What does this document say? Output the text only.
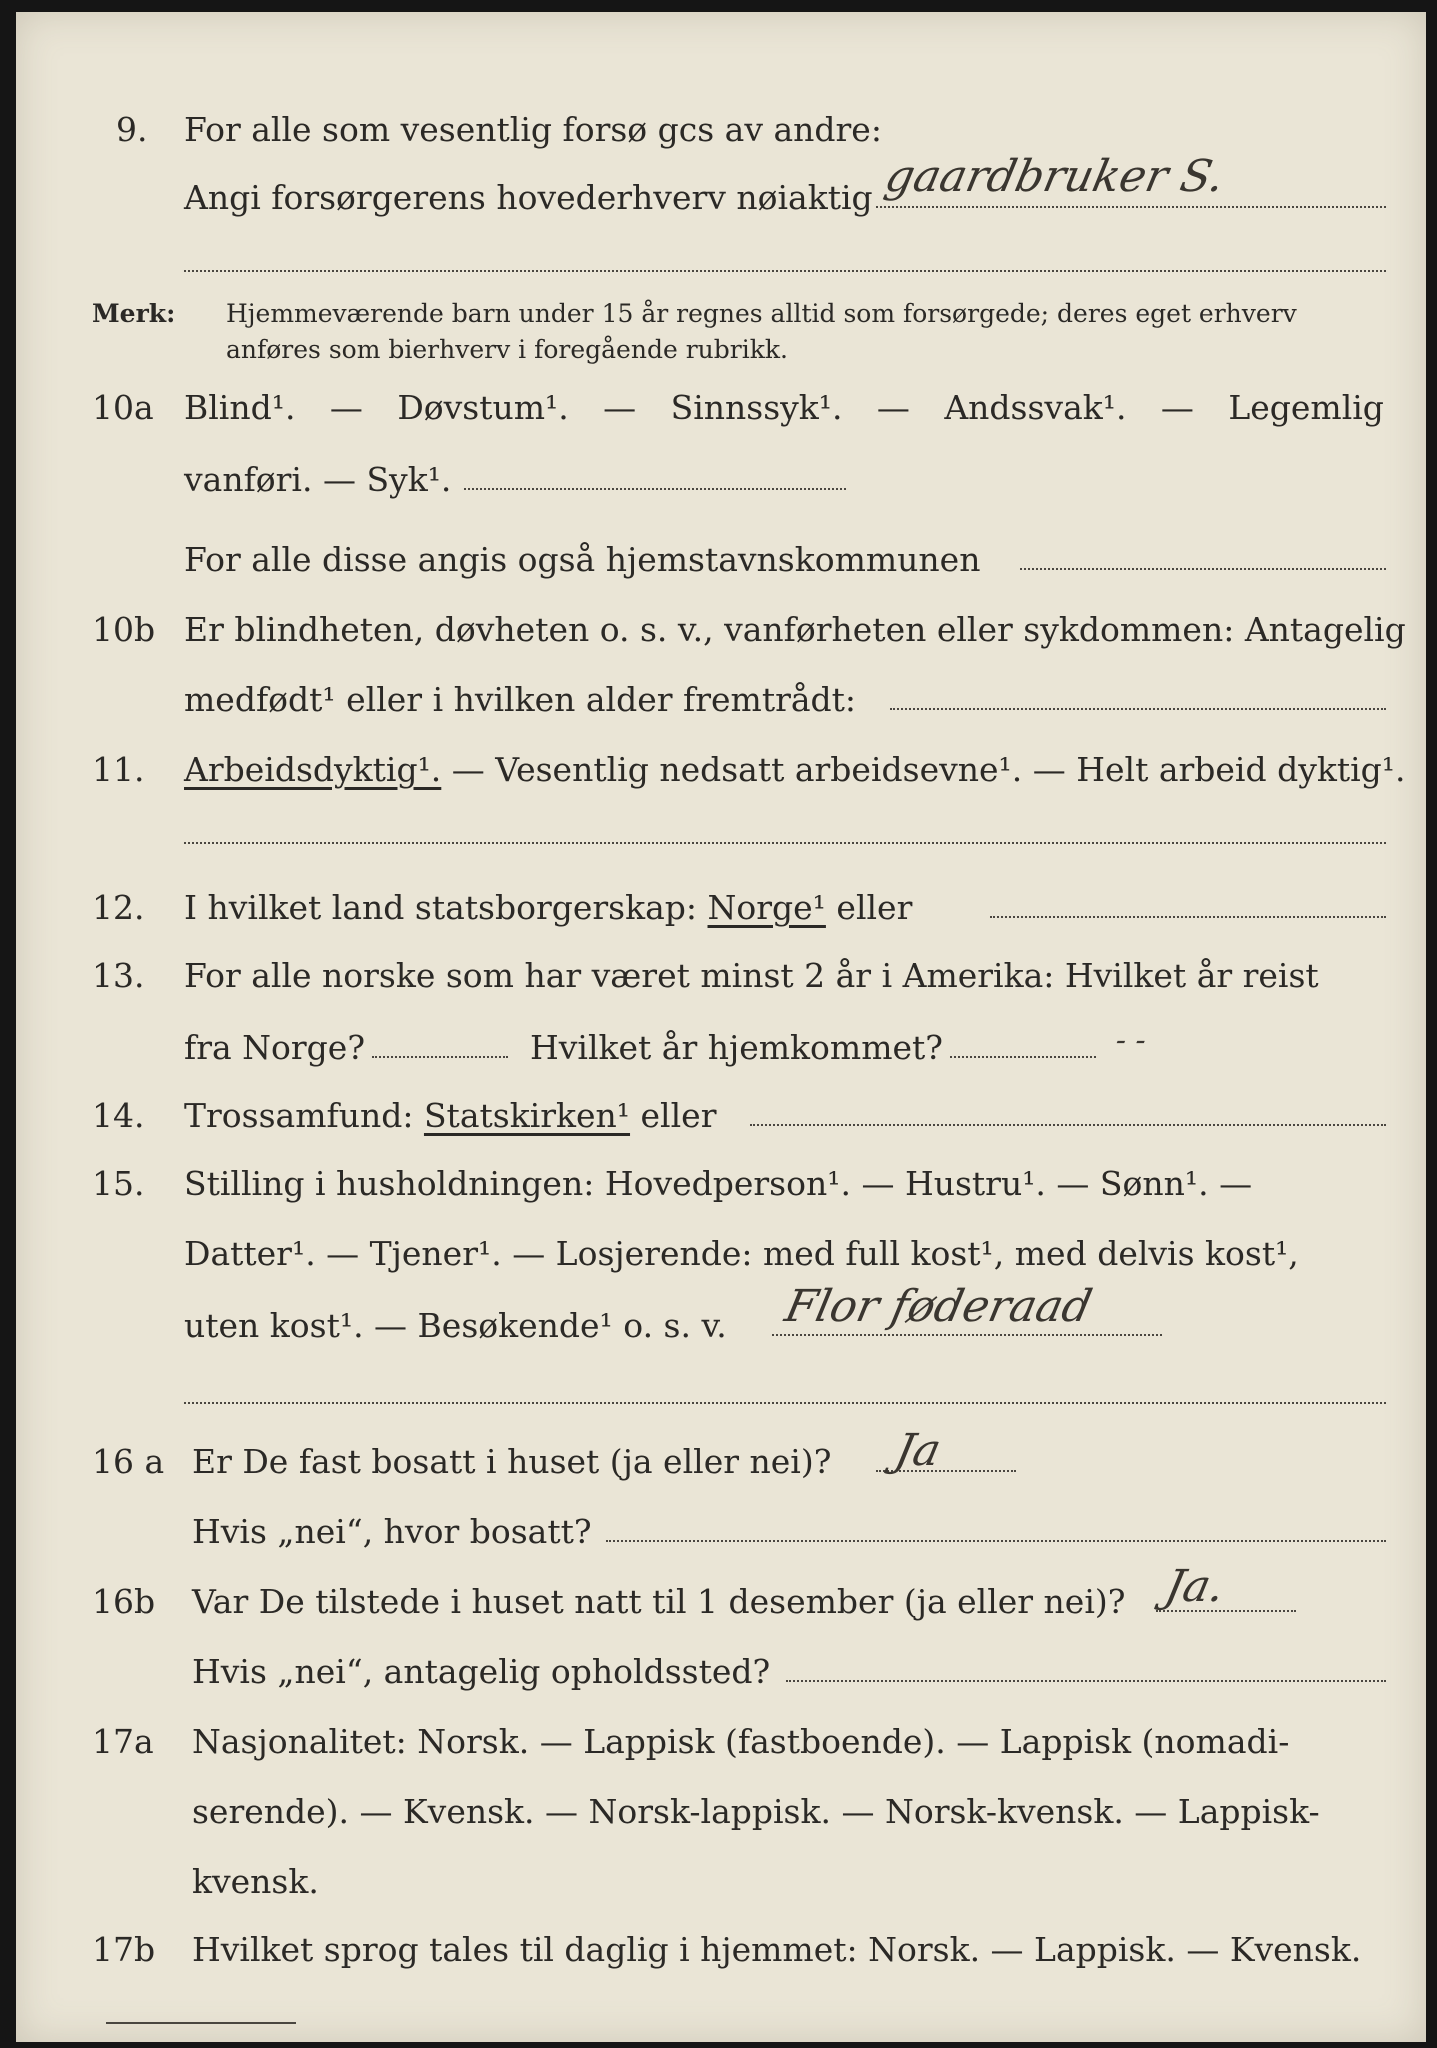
9. For alle som vesentlig forsø gcs av andre:
Angi forsørgerens hovederhverv nøiaktig gaardbruker S.
Merk: Hjemmeværende barn under 15 år regnes alltid som forsørgede; deres eget erhverv
anføres som bierhverv i foregående rubrikk.
10a Blind¹. — Døvstum¹. — Sinnssyk¹. — Andssvak¹. — Legemlig
vanføri. — Syk¹.
For alle disse angis også hjemstavnskommunen
10b Er blindheten, døvheten o. s. v., vanførheten eller sykdommen: Antagelig
medfødt¹ eller i hvilken alder fremtrådt:
11. Arbeidsdyktig¹. — Vesentlig nedsatt arbeidsevne¹. — Helt arbeid dyktig¹.
12. I hvilket land statsborgerskap: Norge¹ eller
13. For alle norske som har været minst 2 år i Amerika: Hvilket år reist
fra Norge?	Hvilket år hjemkommet?	- -
14. Trossamfund: Statskirken¹ eller
15. Stilling i husholdningen: Hovedperson¹. — Hustru¹. — Sønn¹. —
Datter¹. — Tjener¹. — Losjerende: med full kost¹, med delvis kost¹,
uten kost¹. — Besøkende¹ o. s. v. Flor føderaad
16 a Er De fast bosatt i huset (ja eller nei)? Ja
Hvis „nei“, hvor bosatt?
16b Var De tilstede i huset natt til 1 desember (ja eller nei)? Ja.
Hvis „nei“, antagelig opholdssted?
17a Nasjonalitet: Norsk. — Lappisk (fastboende). — Lappisk (nomadi-
serende). — Kvensk. — Norsk-lappisk. — Norsk-kvensk. — Lappisk-
kvensk.
17b Hvilket sprog tales til daglig i hjemmet: Norsk. — Lappisk. — Kvensk.
